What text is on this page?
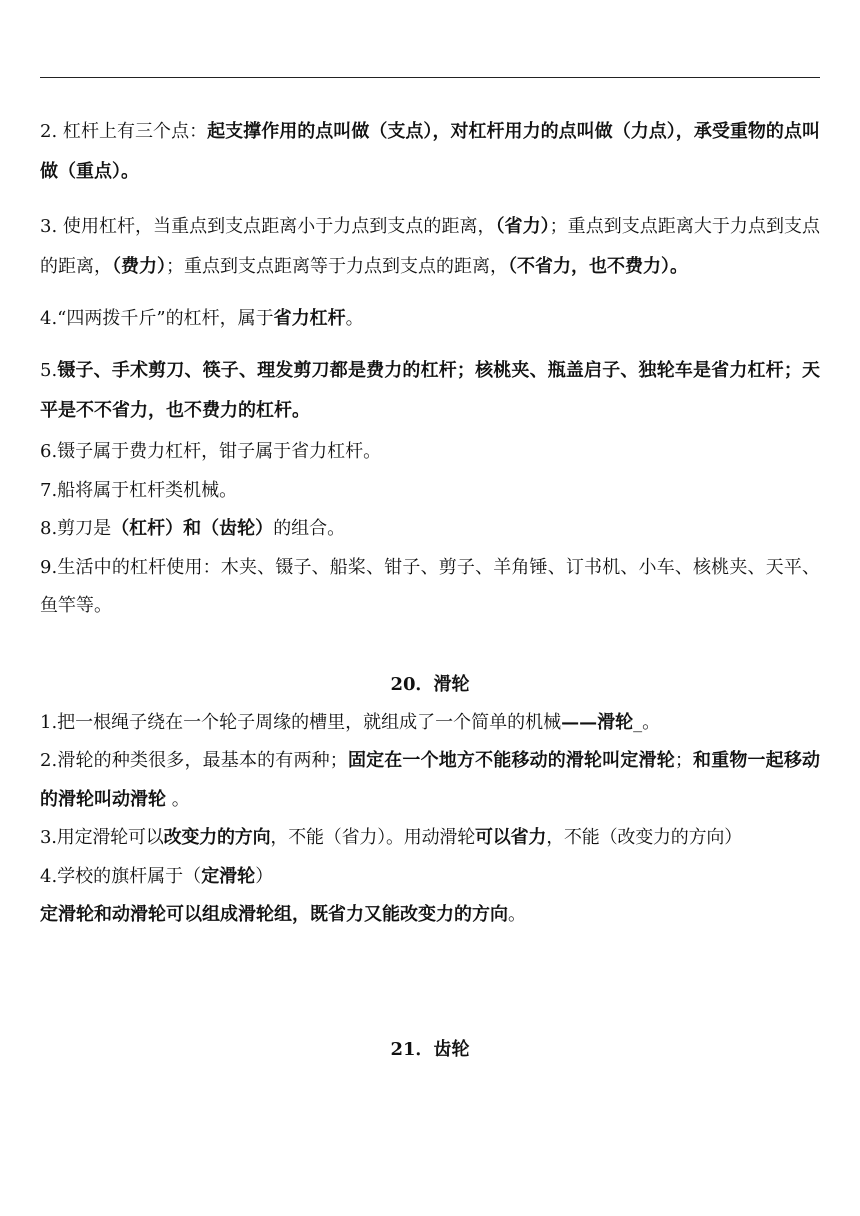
2. 杠杆上有三个点：起支撑作用的点叫做（支点），对杠杆用力的点叫做（力点），承受重物的点叫做（重点）。

3. 使用杠杆，当重点到支点距离小于力点到支点的距离，（省力）；重点到支点距离大于力点到支点的距离，（费力）；重点到支点距离等于力点到支点的距离，（不省力，也不费力）。

4.“四两拨千斤”的杠杆，属于省力杠杆。

5.镊子、手术剪刀、筷子、理发剪刀都是费力的杠杆；核桃夹、瓶盖启子、独轮车是省力杠杆；天平是不不省力，也不费力的杠杆。

6.镊子属于费力杠杆，钳子属于省力杠杆。

7.船将属于杠杆类机械。

8.剪刀是（杠杆）和（齿轮）的组合。

9.生活中的杠杆使用：木夹、镊子、船桨、钳子、剪子、羊角锤、订书机、小车、核桃夹、天平、鱼竿等。

20．滑轮

1.把一根绳子绕在一个轮子周缘的槽里，就组成了一个简单的机械——滑轮_。

2.滑轮的种类很多，最基本的有两种；固定在一个地方不能移动的滑轮叫定滑轮；和重物一起移动的滑轮叫动滑轮 。

3.用定滑轮可以改变力的方向，不能（省力）。用动滑轮可以省力，不能（改变力的方向）

4.学校的旗杆属于（定滑轮）

定滑轮和动滑轮可以组成滑轮组，既省力又能改变力的方向。

21．齿轮
